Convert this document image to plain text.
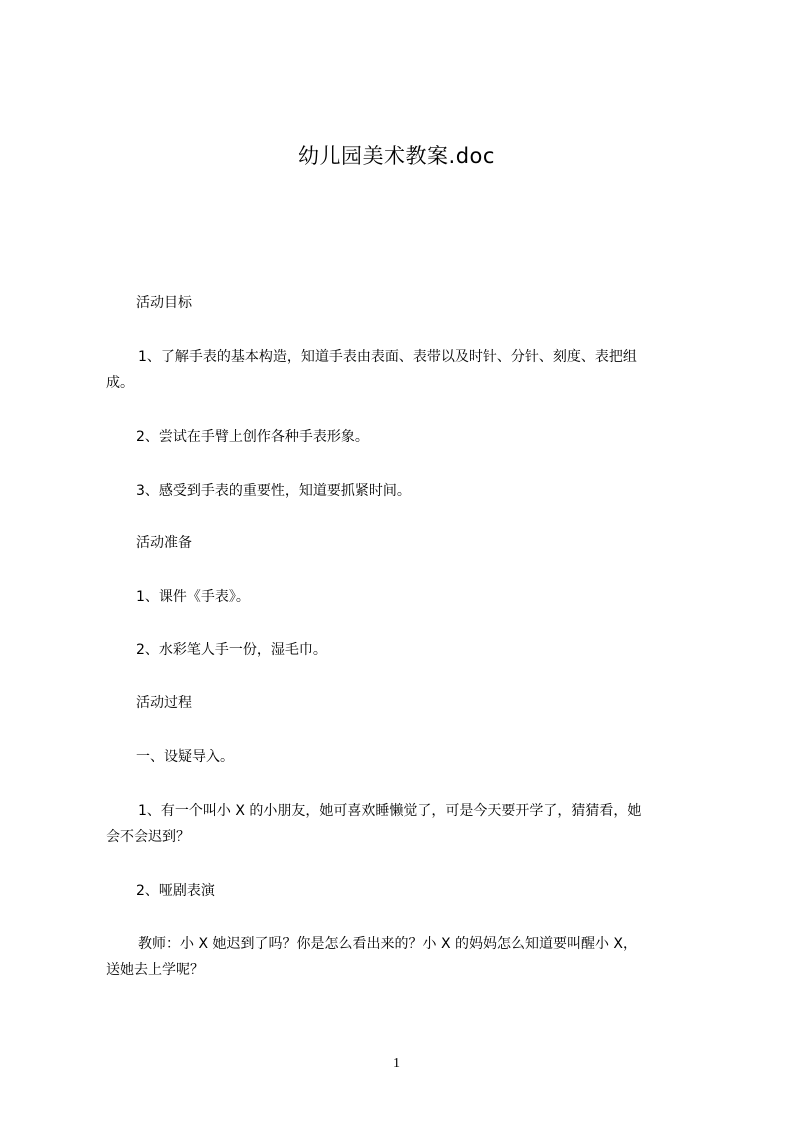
幼儿园美术教案.doc
活动目标
1、了解手表的基本构造，知道手表由表面、表带以及时针、分针、刻度、表把组
成。
2、尝试在手臂上创作各种手表形象。
3、感受到手表的重要性，知道要抓紧时间。
活动准备
1、课件《手表》。
2、水彩笔人手一份，湿毛巾。
活动过程
一、设疑导入。
1、有一个叫小 X 的小朋友，她可喜欢睡懒觉了，可是今天要开学了，猜猜看，她
会不会迟到？
2、哑剧表演
教师：小 X 她迟到了吗？你是怎么看出来的？小 X 的妈妈怎么知道要叫醒小 X，
送她去上学呢？
1
